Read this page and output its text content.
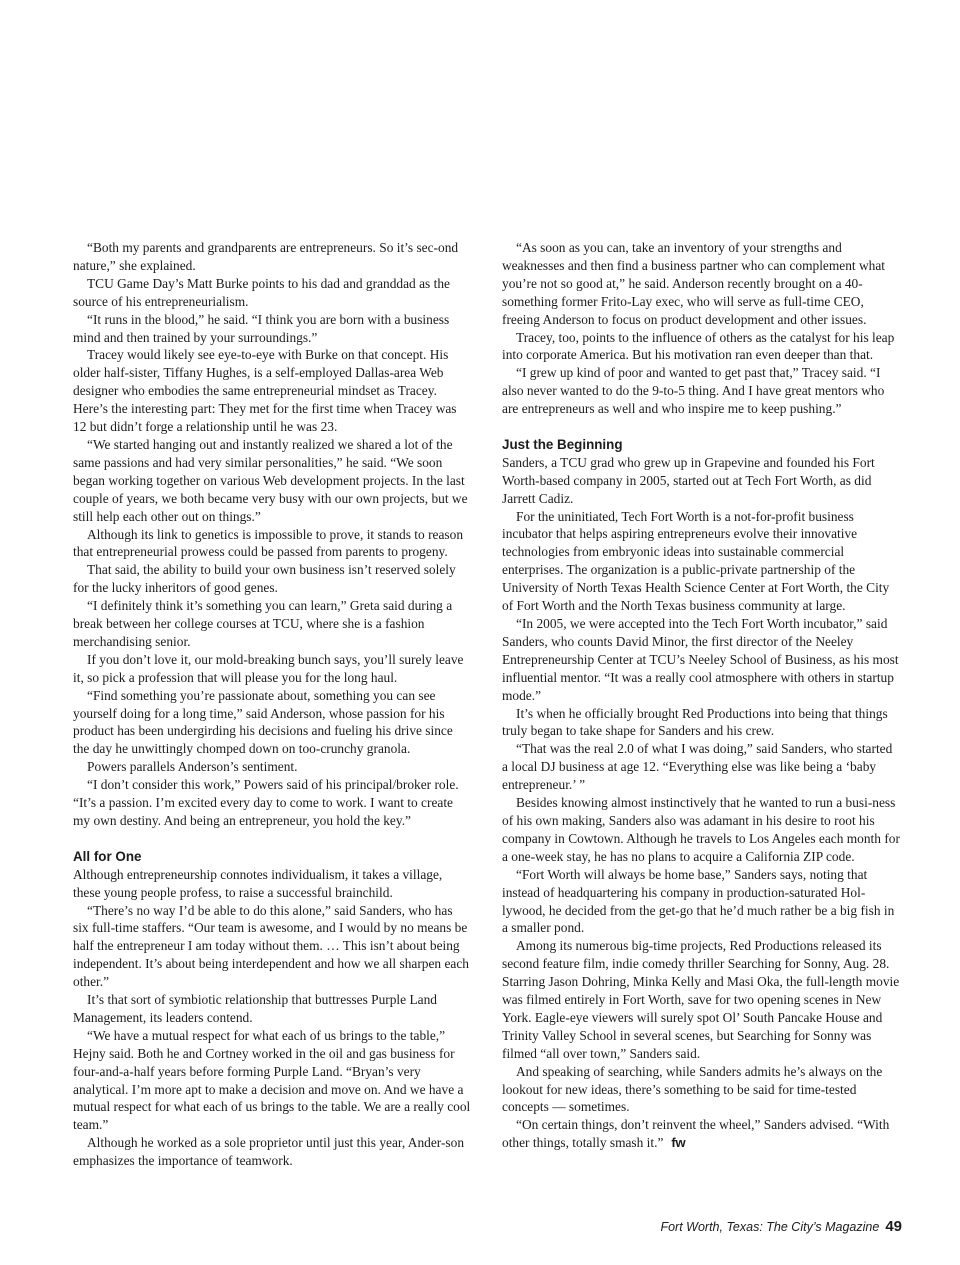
“Both my parents and grandparents are entrepreneurs. So it’s sec-ond nature,” she explained.

TCU Game Day’s Matt Burke points to his dad and granddad as the source of his entrepreneurialism.

“It runs in the blood,” he said. “I think you are born with a business mind and then trained by your surroundings.”

Tracey would likely see eye-to-eye with Burke on that concept. His older half-sister, Tiffany Hughes, is a self-employed Dallas-area Web designer who embodies the same entrepreneurial mindset as Tracey. Here’s the interesting part: They met for the first time when Tracey was 12 but didn’t forge a relationship until he was 23.

“We started hanging out and instantly realized we shared a lot of the same passions and had very similar personalities,” he said. “We soon began working together on various Web development projects. In the last couple of years, we both became very busy with our own projects, but we still help each other out on things.”

Although its link to genetics is impossible to prove, it stands to reason that entrepreneurial prowess could be passed from parents to progeny.

That said, the ability to build your own business isn’t reserved solely for the lucky inheritors of good genes.

“I definitely think it’s something you can learn,” Greta said during a break between her college courses at TCU, where she is a fashion merchandising senior.

If you don’t love it, our mold-breaking bunch says, you’ll surely leave it, so pick a profession that will please you for the long haul.

“Find something you’re passionate about, something you can see yourself doing for a long time,” said Anderson, whose passion for his product has been undergirding his decisions and fueling his drive since the day he unwittingly chomped down on too-crunchy granola.

Powers parallels Anderson’s sentiment.

“I don’t consider this work,” Powers said of his principal/broker role. “It’s a passion. I’m excited every day to come to work. I want to create my own destiny. And being an entrepreneur, you hold the key.”

All for One

Although entrepreneurship connotes individualism, it takes a village, these young people profess, to raise a successful brainchild.

“There’s no way I’d be able to do this alone,” said Sanders, who has six full-time staffers. “Our team is awesome, and I would by no means be half the entrepreneur I am today without them. … This isn’t about being independent. It’s about being interdependent and how we all sharpen each other.”

It’s that sort of symbiotic relationship that buttresses Purple Land Management, its leaders contend.

“We have a mutual respect for what each of us brings to the table,” Hejny said. Both he and Cortney worked in the oil and gas business for four-and-a-half years before forming Purple Land. “Bryan’s very analytical. I’m more apt to make a decision and move on. And we have a mutual respect for what each of us brings to the table. We are a really cool team.”

Although he worked as a sole proprietor until just this year, Ander-son emphasizes the importance of teamwork.

“As soon as you can, take an inventory of your strengths and weaknesses and then find a business partner who can complement what you’re not so good at,” he said. Anderson recently brought on a 40-something former Frito-Lay exec, who will serve as full-time CEO, freeing Anderson to focus on product development and other issues.

Tracey, too, points to the influence of others as the catalyst for his leap into corporate America. But his motivation ran even deeper than that.

“I grew up kind of poor and wanted to get past that,” Tracey said. “I also never wanted to do the 9-to-5 thing. And I have great mentors who are entrepreneurs as well and who inspire me to keep pushing.”

Just the Beginning

Sanders, a TCU grad who grew up in Grapevine and founded his Fort Worth-based company in 2005, started out at Tech Fort Worth, as did Jarrett Cadiz.

For the uninitiated, Tech Fort Worth is a not-for-profit business incubator that helps aspiring entrepreneurs evolve their innovative technologies from embryonic ideas into sustainable commercial enterprises. The organization is a public-private partnership of the University of North Texas Health Science Center at Fort Worth, the City of Fort Worth and the North Texas business community at large.

“In 2005, we were accepted into the Tech Fort Worth incubator,” said Sanders, who counts David Minor, the first director of the Neeley Entrepreneurship Center at TCU’s Neeley School of Business, as his most influential mentor. “It was a really cool atmosphere with others in startup mode.”

It’s when he officially brought Red Productions into being that things truly began to take shape for Sanders and his crew.

“That was the real 2.0 of what I was doing,” said Sanders, who started a local DJ business at age 12. “Everything else was like being a ‘baby entrepreneur.’ ”

Besides knowing almost instinctively that he wanted to run a busi-ness of his own making, Sanders also was adamant in his desire to root his company in Cowtown. Although he travels to Los Angeles each month for a one-week stay, he has no plans to acquire a California ZIP code.

“Fort Worth will always be home base,” Sanders says, noting that instead of headquartering his company in production-saturated Hol-lywood, he decided from the get-go that he’d much rather be a big fish in a smaller pond.

Among its numerous big-time projects, Red Productions released its second feature film, indie comedy thriller Searching for Sonny, Aug. 28. Starring Jason Dohring, Minka Kelly and Masi Oka, the full-length movie was filmed entirely in Fort Worth, save for two opening scenes in New York. Eagle-eye viewers will surely spot Ol’ South Pancake House and Trinity Valley School in several scenes, but Searching for Sonny was filmed “all over town,” Sanders said.

And speaking of searching, while Sanders admits he’s always on the lookout for new ideas, there’s something to be said for time-tested concepts — sometimes.

“On certain things, don’t reinvent the wheel,” Sanders advised. “With other things, totally smash it.” fw

Fort Worth, Texas: The City’s Magazine 49
